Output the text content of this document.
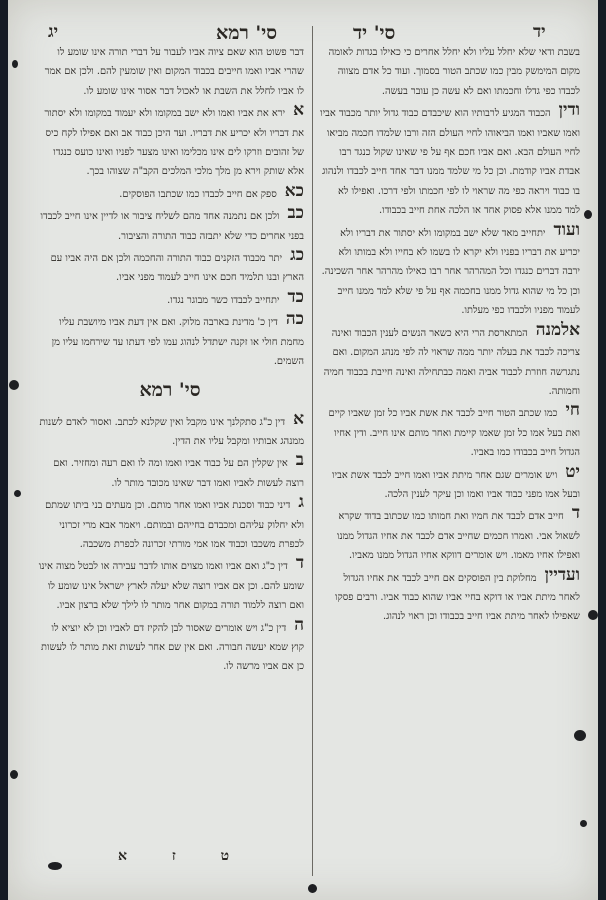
יד
סי' יד
סי' רמא
יג
בשבת ודאי שלא יחלל עליו ולא יחלל אחרים כי כאילו בגדות לאומה מקום המימשק מבין כמו שכתב הטור בסמוך. ועוד כל אדם מצווה לכבדו כפי גדלו וחכמתו ואם לא עשה כן עובר בעשה.
ודין
הכבוד המגיע לרבותיו הוא שיכבדם כבוד גדול יותר מכבוד אביו ואמו שאביו ואמו הביאוהו לחיי העולם הזה ורבו שלמדו חכמה מביאו לחיי העולם הבא. ואם אביו חכם אף על פי שאינו שקול כנגד רבו אבדת אביו קודמת. וכן כל מי שלמד ממנו דבר אחד חייב לכבדו ולנהוג בו כבוד ויראה כפי מה שראוי לו לפי חכמתו ולפי דרכו. ואפילו לא למד ממנו אלא פסוק אחד או הלכה אחת חייב בכבודו.
ועוד
יתחייב מאד שלא ישב במקומו ולא יסתור את דבריו ולא יכריע את דבריו בפניו ולא יקרא לו בשמו לא בחייו ולא במותו ולא ירבה דברים כנגדו וכל המהרהר אחר רבו כאילו מהרהר אחר השכינה. וכן כל מי שהוא גדול ממנו בחכמה אף על פי שלא למד ממנו חייב לעמוד מפניו ולכבדו כפי מעלתו.
אלמנה
המתארסת הרי היא כשאר הנשים לענין הכבוד ואינה צריכה לכבד את בעלה יותר ממה שראוי לה לפי מנהג המקום. ואם נתגרשה חוזרת לכבוד אביה ואמה כבתחילה ואינה חייבת בכבוד חמיה וחמותה.
חי
כמו שכתב הטור חייב לכבד את אשת אביו כל זמן שאביו קיים ואת בעל אמו כל זמן שאמו קיימת ואחר מותם אינו חייב. ודין אחיו הגדול חייב בכבודו כמו באביו.
יט
ויש אומרים שגם אחר מיתת אביו ואמו חייב לכבד אשת אביו ובעל אמו מפני כבוד אביו ואמו וכן עיקר לענין הלכה.
ד
חייב אדם לכבד את חמיו ואת חמותו כמו שכתוב בדוד שקרא לשאול אבי. ואמרו חכמים שחייב אדם לכבד את אחיו הגדול ממנו ואפילו אחיו מאמו. ויש אומרים דווקא אחיו הגדול ממנו מאביו.
ועדיין
מחלוקת בין הפוסקים אם חייב לכבד את אחיו הגדול לאחר מיתת אביו או דוקא בחיי אביו שהוא כבוד אביו. ורבים פסקו שאפילו לאחר מיתת אביו חייב בכבודו וכן ראוי לנהוג.
דבר פשוט הוא שאם ציוה אביו לעבור על דברי תורה אינו שומע לו שהרי אביו ואמו חייבים בכבוד המקום ואין שומעין להם. ולכן אם אמר לו אביו לחלל את השבת או לאכול דבר אסור אינו שומע לו.
א
ירא את אביו ואמו ולא ישב במקומו ולא יעמוד במקומו ולא יסתור את דבריו ולא יכריע את דבריו. ועד היכן כבוד אב ואם אפילו לקח כיס של זהובים וזרקו לים אינו מכלימו ואינו מצער לפניו ואינו כועס כנגדו אלא שותק וירא מן מלך מלכי המלכים הקב"ה שצוהו בכך.
כא
ספק אם חייב לכבדו כמו שכתבו הפוסקים.
כב
ולכן אם נתמנה אחד מהם לשליח ציבור או לדיין אינו חייב לכבדו בפני אחרים כדי שלא יתבזה כבוד התורה והציבור.
כג
יתר מכבוד הזקנים כבוד התורה והחכמה ולכן אם היה אביו עם הארץ ובנו תלמיד חכם אינו חייב לעמוד מפני אביו.
כד
יתחייב לכבדו כשר מבוגר נגדו.
כה
דין כ' מדינת בארבה מלוק. ואם אין דעת אביו מיושבת עליו מחמת חולי או זקנה ישתדל לנהוג עמו לפי דעתו עד שירחמו עליו מן השמים.
סי' רמא
א
דין כ"ג סתקלנך אינו מקבל ואין שקלנא לכתב. ואסור לאדם לשנות ממנהג אבותיו ומקבל עליו את הדין.
ב
אין שקלין הם על כבוד אביו ואמו ומה לו ואם רעה ומחזיר. ואם רוצה לעשות לאביו ואמו דבר שאינו מכובד מותר לו.
ג
דיני כבוד וסכנת אביו ואמו אחר מותם. וכן מעתים בני ביתו שמתם ולא יחלוק עליהם ומכבדם בחייהם ובמותם. ויאמר אבא מרי זכרוני לכפרת משכבו וכבוד אמו אמי מורתי זכרונה לכפרת משכבה.
ד
דין כ"ג ואם אביו ואמו מצוים אותו לדבר עבירה או לבטל מצוה אינו שומע להם. וכן אם אביו רוצה שלא יעלה לארץ ישראל אינו שומע לו ואם רוצה ללמוד תורה במקום אחר מותר לו לילך שלא ברצון אביו.
ה
דין כ"ג ויש אומרים שאסור לבן להקיז דם לאביו וכן לא יוציא לו קוץ שמא יעשה חבורה. ואם אין שם אחר לעשות זאת מותר לו לעשות כן אם אביו מרשה לו.
ט ז א
